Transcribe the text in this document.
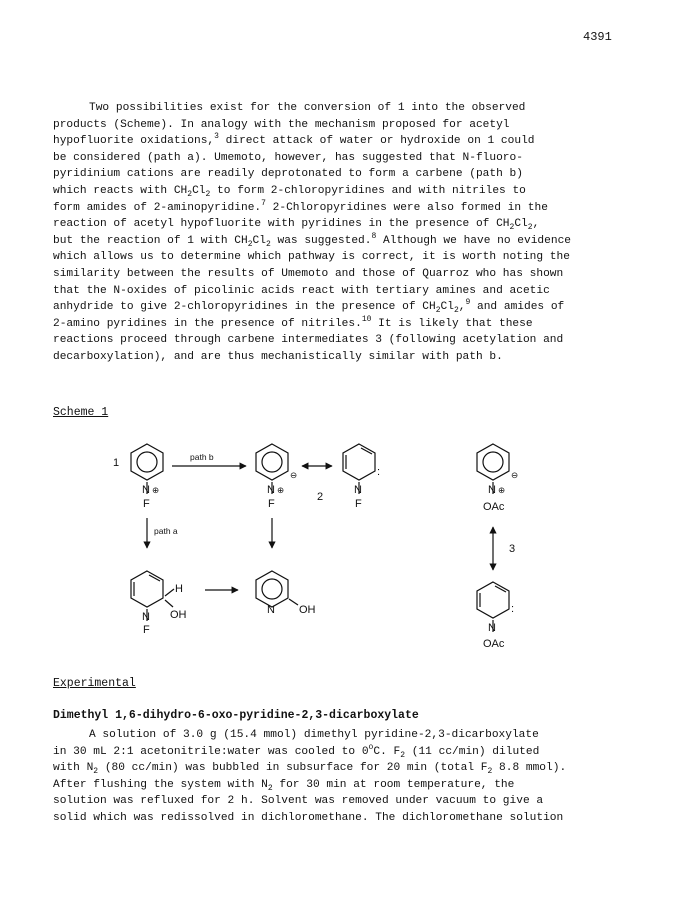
4391
Two possibilities exist for the conversion of 1 into the observed
products (Scheme). In analogy with the mechanism proposed for acetyl
hypofluorite oxidations,$^3$ direct attack of water or hydroxide on 1 could
be considered (path a). Umemoto, however, has suggested that N-fluoro-
pyridinium cations are readily deprotonated to form a carbene (path b)
which reacts with $CH_2Cl_2$ to form 2-chloropyridines and with nitriles to
form amides of 2-aminopyridine.$^7$ 2-Chloropyridines were also formed in the
reaction of acetyl hypofluorite with pyridines in the presence of $CH_2Cl_2$,
but the reaction of 1 with $CH_2Cl_2$ was suggested.$^8$ Although we have no evidence
which allows us to determine which pathway is correct, it is worth noting the
similarity between the results of Umemoto and those of Quarroz who has shown
that the N-oxides of picolinic acids react with tertiary amines and acetic
anhydride to give 2-chloropyridines in the presence of $CH_2Cl_2,^9$ and amides of
2-amino pyridines in the presence of nitriles.$^{10}$ It is likely that these
reactions proceed through carbene intermediates 3 (following acetylation and
decarboxylation), and are thus mechanistically similar with path b.
Scheme 1
1
N ⊕
F
path b
N ⊕
⊖
F
2
N
F
:
N ⊕
⊖
OAc
3
N
OAc
:
path a
N
F
H
OH	OH
N
Experimental
Dimethyl 1,6-dihydro-6-oxo-pyridine-2,3-dicarboxylate
A solution of 3.0 g (15.4 mmol) dimethyl pyridine-2,3-dicarboxylate
in 30 mL 2:1 acetonitrile:water was cooled to 0$^o$C. $F_2$ (11 cc/min) diluted
with $N_2$ (80 cc/min) was bubbled in subsurface for 20 min (total $F_2$ 8.8 mmol).
After flushing the system with $N_2$ for 30 min at room temperature, the
solution was refluxed for 2 h. Solvent was removed under vacuum to give a
solid which was redissolved in dichloromethane. The dichloromethane solution
